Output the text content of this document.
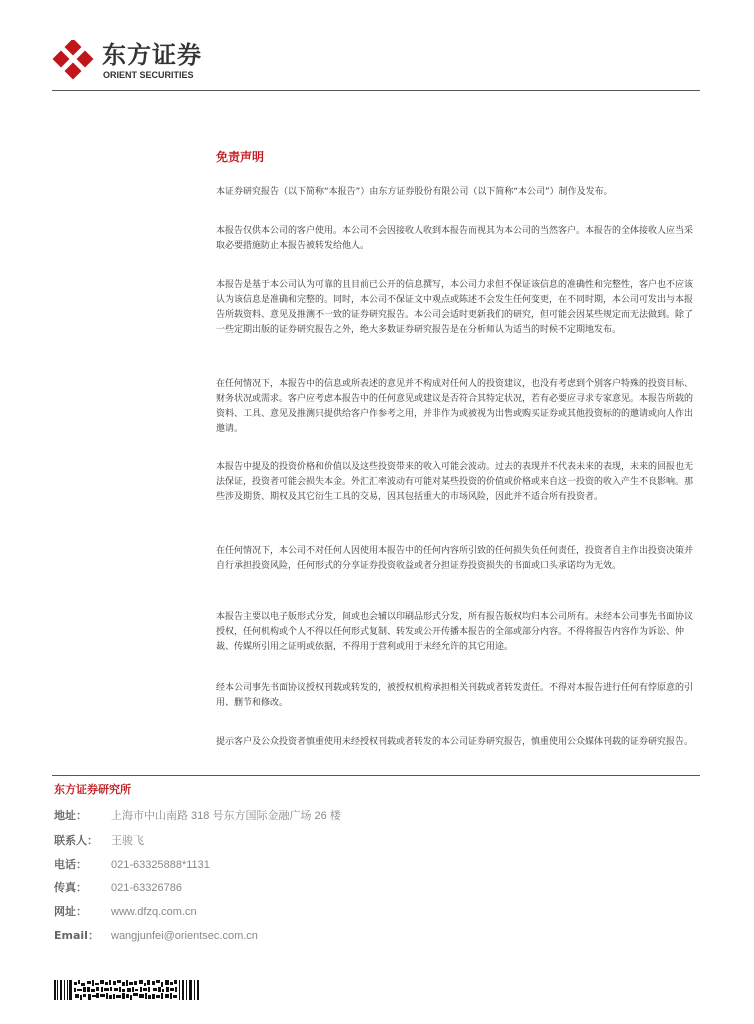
东方证券
ORIENT SECURITIES
免责声明

本证券研究报告（以下简称“本报告”）由东方证券股份有限公司（以下简称“本公司”）制作及发布。

本报告仅供本公司的客户使用。本公司不会因接收人收到本报告而视其为本公司的当然客户。本报告的全体接收人应当采取必要措施防止本报告被转发给他人。

本报告是基于本公司认为可靠的且目前已公开的信息撰写，本公司力求但不保证该信息的准确性和完整性，客户也不应该认为该信息是准确和完整的。同时，本公司不保证文中观点或陈述不会发生任何变更，在不同时期，本公司可发出与本报告所载资料、意见及推测不一致的证券研究报告。本公司会适时更新我们的研究，但可能会因某些规定而无法做到。除了一些定期出版的证券研究报告之外，绝大多数证券研究报告是在分析师认为适当的时候不定期地发布。

在任何情况下，本报告中的信息或所表述的意见并不构成对任何人的投资建议，也没有考虑到个别客户特殊的投资目标、财务状况或需求。客户应考虑本报告中的任何意见或建议是否符合其特定状况，若有必要应寻求专家意见。本报告所载的资料、工具、意见及推测只提供给客户作参考之用，并非作为或被视为出售或购买证券或其他投资标的的邀请或向人作出邀请。

本报告中提及的投资价格和价值以及这些投资带来的收入可能会波动。过去的表现并不代表未来的表现，未来的回报也无法保证，投资者可能会损失本金。外汇汇率波动有可能对某些投资的价值或价格或来自这一投资的收入产生不良影响。那些涉及期货、期权及其它衍生工具的交易，因其包括重大的市场风险，因此并不适合所有投资者。

在任何情况下，本公司不对任何人因使用本报告中的任何内容所引致的任何损失负任何责任，投资者自主作出投资决策并自行承担投资风险，任何形式的分享证券投资收益或者分担证券投资损失的书面或口头承诺均为无效。

本报告主要以电子版形式分发，间或也会辅以印刷品形式分发，所有报告版权均归本公司所有。未经本公司事先书面协议授权，任何机构或个人不得以任何形式复制、转发或公开传播本报告的全部或部分内容。不得将报告内容作为诉讼、仲裁、传媒所引用之证明或依据，不得用于营利或用于未经允许的其它用途。

经本公司事先书面协议授权刊载或转发的，被授权机构承担相关刊载或者转发责任。不得对本报告进行任何有悖原意的引用、删节和修改。

提示客户及公众投资者慎重使用未经授权刊载或者转发的本公司证券研究报告，慎重使用公众媒体刊载的证券研究报告。

东方证券研究所
地址：	上海市中山南路 318 号东方国际金融广场 26 楼
联系人：	王骏飞
电话：	021-63325888*1131
传真：	021-63326786
网址：	www.dfzq.com.cn
Email：	wangjunfei@orientsec.com.cn
